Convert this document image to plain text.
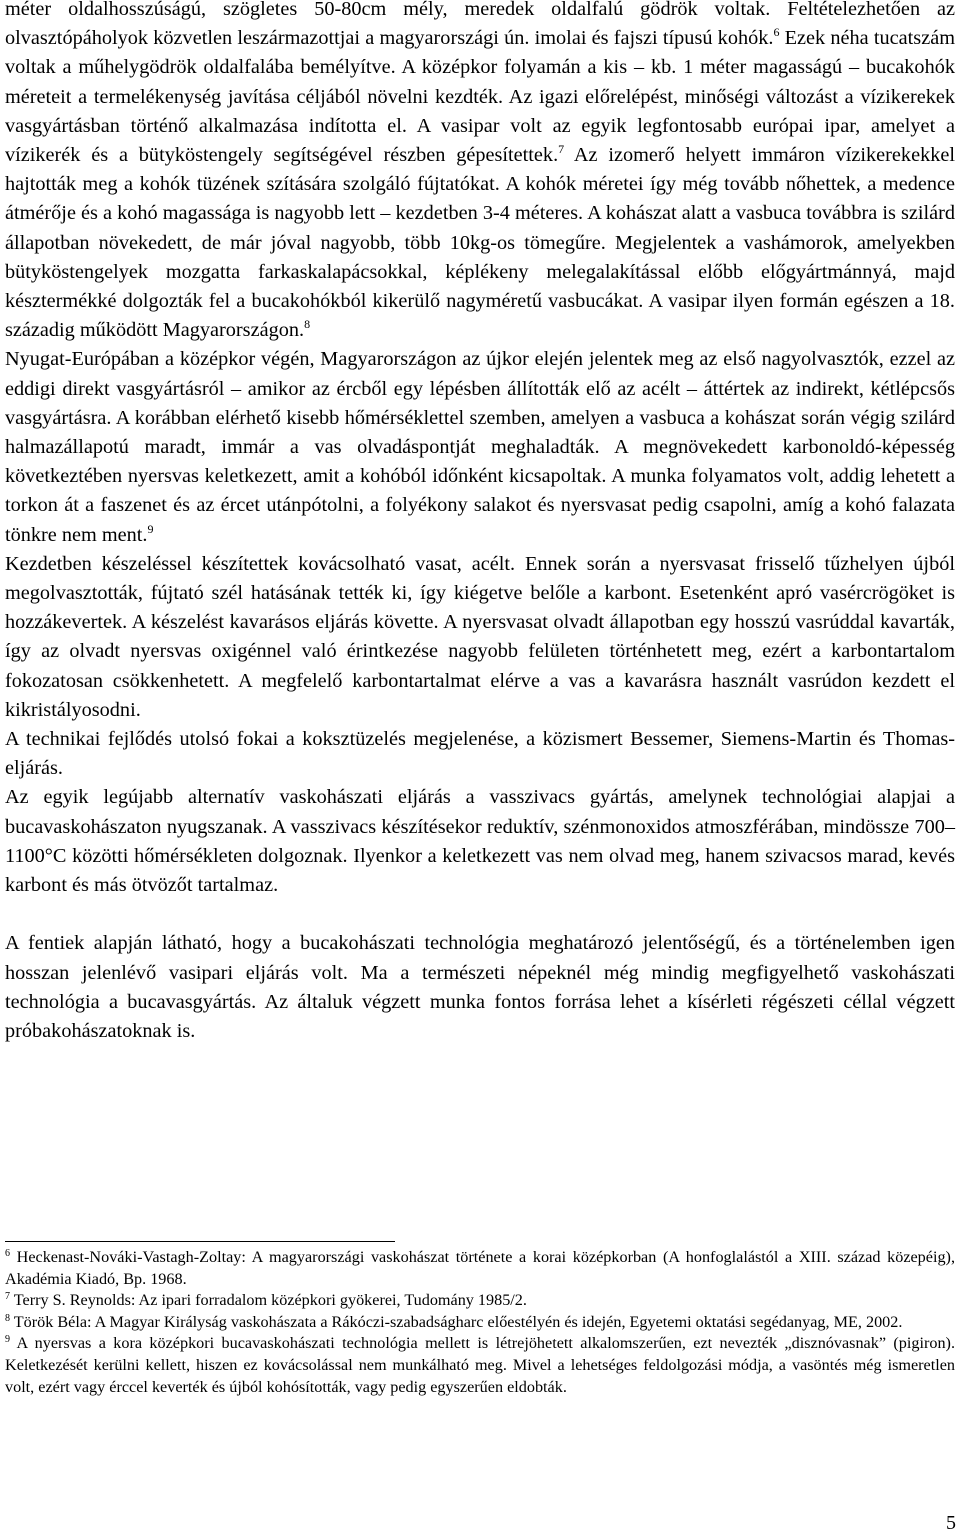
méter oldalhosszúságú, szögletes 50-80cm mély, meredek oldalfalú gödrök voltak. Feltételezhetően az olvasztópáholyok közvetlen leszármazottjai a magyarországi ún. imolai és fajszi típusú kohók.$^6$ Ezek néha tucatszám voltak a műhelygödrök oldalfalába bemélyítve. A középkor folyamán a kis – kb. 1 méter magasságú – bucakohók méreteit a termelékenység javítása céljából növelni kezdték. Az igazi előrelépést, minőségi változást a vízikerekek vasgyártásban történő alkalmazása indította el. A vasipar volt az egyik legfontosabb európai ipar, amelyet a vízikerék és a bütyköstengely segítségével részben gépesítettek.$^7$ Az izomerő helyett immáron vízikerekekkel hajtották meg a kohók tüzének szítására szolgáló fújtatókat. A kohók méretei így még tovább nőhettek, a medence átmérője és a kohó magassága is nagyobb lett – kezdetben 3-4 méteres. A kohászat alatt a vasbuca továbbra is szilárd állapotban növekedett, de már jóval nagyobb, több 10kg-os tömegűre. Megjelentek a vashámorok, amelyekben bütyköstengelyek mozgatta farkaskalapácsokkal, képlékeny melegalakítással előbb előgyártmánnyá, majd késztermékké dolgozták fel a bucakohókból kikerülő nagyméretű vasbucákat. A vasipar ilyen formán egészen a 18. századig működött Magyarországon.$^8$

Nyugat-Európában a középkor végén, Magyarországon az újkor elején jelentek meg az első nagyolvasztók, ezzel az eddigi direkt vasgyártásról – amikor az ércből egy lépésben állították elő az acélt – áttértek az indirekt, kétlépcsős vasgyártásra. A korábban elérhető kisebb hőmérséklettel szemben, amelyen a vasbuca a kohászat során végig szilárd halmazállapotú maradt, immár a vas olvadáspontját meghaladták. A megnövekedett karbonoldó-képesség következtében nyersvas keletkezett, amit a kohóból időnként kicsapoltak. A munka folyamatos volt, addig lehetett a torkon át a faszenet és az ércet utánpótolni, a folyékony salakot és nyersvasat pedig csapolni, amíg a kohó falazata tönkre nem ment.$^9$

Kezdetben készeléssel készítettek kovácsolható vasat, acélt. Ennek során a nyersvasat frisselő tűzhelyen újból megolvasztották, fújtató szél hatásának tették ki, így kiégetve belőle a karbont. Esetenként apró vasércrögöket is hozzákevertek. A készelést kavarásos eljárás követte. A nyersvasat olvadt állapotban egy hosszú vasrúddal kavarták, így az olvadt nyersvas oxigénnel való érintkezése nagyobb felületen történhetett meg, ezért a karbontartalom fokozatosan csökkenhetett. A megfelelő karbontartalmat elérve a vas a kavarásra használt vasrúdon kezdett el kikristályosodni.

A technikai fejlődés utolsó fokai a koksztüzelés megjelenése, a közismert Bessemer, Siemens-Martin és Thomas-eljárás.

Az egyik legújabb alternatív vaskohászati eljárás a vasszivacs gyártás, amelynek technológiai alapjai a bucavaskohászaton nyugszanak. A vasszivacs készítésekor reduktív, szénmonoxidos atmoszférában, mindössze 700–1100°C közötti hőmérsékleten dolgoznak. Ilyenkor a keletkezett vas nem olvad meg, hanem szivacsos marad, kevés karbont és más ötvözőt tartalmaz.

A fentiek alapján látható, hogy a bucakohászati technológia meghatározó jelentőségű, és a történelemben igen hosszan jelenlévő vasipari eljárás volt. Ma a természeti népeknél még mindig megfigyelhető vaskohászati technológia a bucavasgyártás. Az általuk végzett munka fontos forrása lehet a kísérleti régészeti céllal végzett próbakohászatoknak is.

$^6$ Heckenast-Nováki-Vastagh-Zoltay: A magyarországi vaskohászat története a korai középkorban (A honfoglalástól a XIII. század közepéig), Akadémia Kiadó, Bp. 1968.

$^7$ Terry S. Reynolds: Az ipari forradalom középkori gyökerei, Tudomány 1985/2.

$^8$ Török Béla: A Magyar Királyság vaskohászata a Rákóczi-szabadságharc előestélyén és idején, Egyetemi oktatási segédanyag, ME, 2002.

$^9$ A nyersvas a kora középkori bucavaskohászati technológia mellett is létrejöhetett alkalomszerűen, ezt nevezték „disznóvasnak” (pigiron). Keletkezését kerülni kellett, hiszen ez kovácsolással nem munkálható meg. Mivel a lehetséges feldolgozási módja, a vasöntés még ismeretlen volt, ezért vagy érccel keverték és újból kohósították, vagy pedig egyszerűen eldobták.

5
